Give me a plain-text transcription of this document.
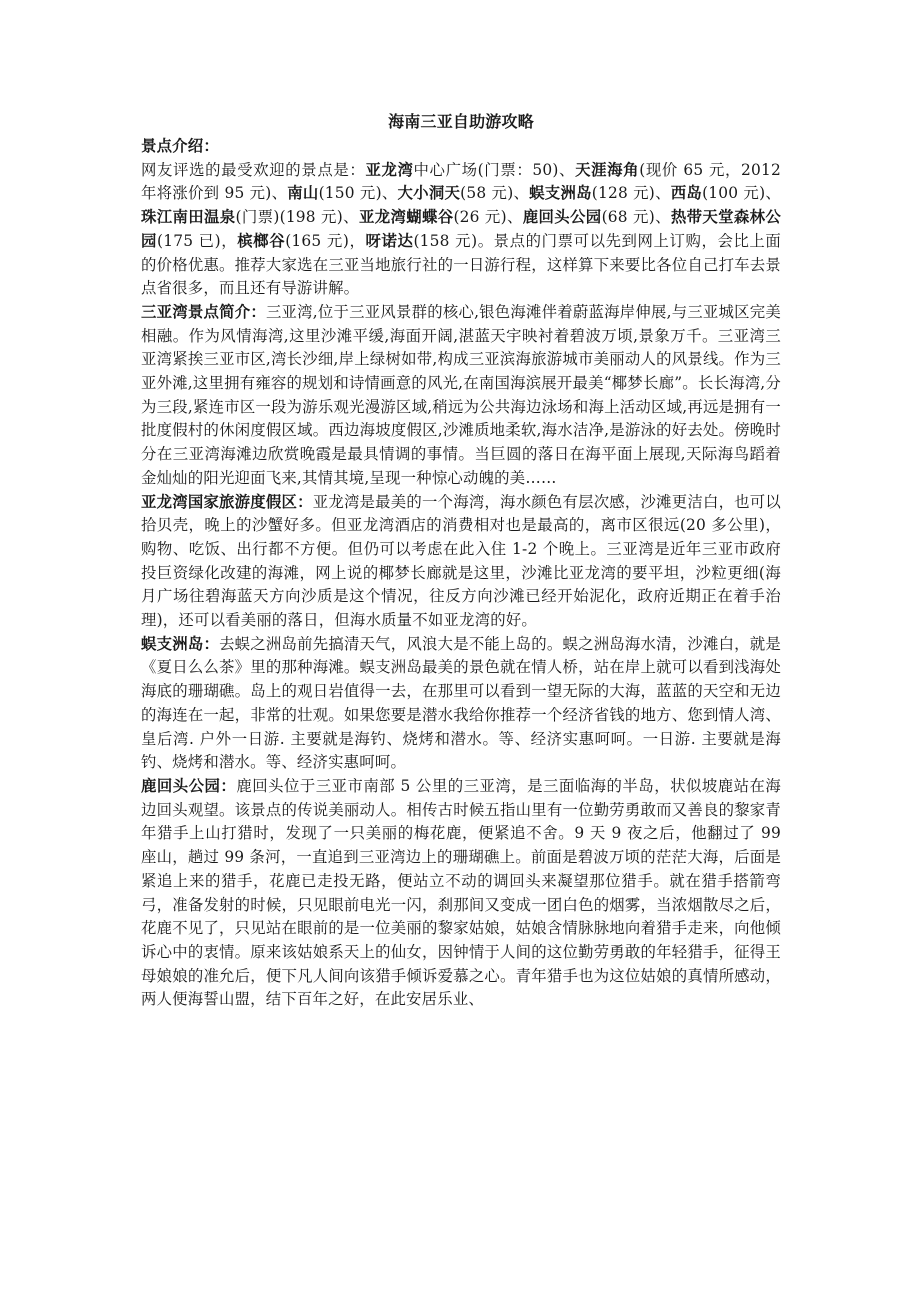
海南三亚自助游攻略

景点介绍：
网友评选的最受欢迎的景点是：亚龙湾中心广场(门票：50)、天涯海角(现价 65 元，2012 年将涨价到 95 元)、南山(150 元)、大小洞天(58 元)、蜈支洲岛(128 元)、西岛(100 元)、珠江南田温泉(门票)(198 元)、亚龙湾蝴蝶谷(26 元)、鹿回头公园(68 元)、热带天堂森林公园(175 已)，槟榔谷(165 元)，呀诺达(158 元)。景点的门票可以先到网上订购，会比上面的价格优惠。推荐大家选在三亚当地旅行社的一日游行程，这样算下来要比各位自己打车去景点省很多，而且还有导游讲解。

三亚湾景点简介：三亚湾,位于三亚风景群的核心,银色海滩伴着蔚蓝海岸伸展,与三亚城区完美相融。作为风情海湾,这里沙滩平缓,海面开阔,湛蓝天宇映衬着碧波万顷,景象万千。三亚湾三亚湾紧挨三亚市区,湾长沙细,岸上绿树如带,构成三亚滨海旅游城市美丽动人的风景线。作为三亚外滩,这里拥有雍容的规划和诗情画意的风光,在南国海滨展开最美“椰梦长廊”。长长海湾,分为三段,紧连市区一段为游乐观光漫游区域,稍远为公共海边泳场和海上活动区域,再远是拥有一批度假村的休闲度假区域。西边海坡度假区,沙滩质地柔软,海水洁净,是游泳的好去处。傍晚时分在三亚湾海滩边欣赏晚霞是最具情调的事情。当巨圆的落日在海平面上展现,天际海鸟蹈着金灿灿的阳光迎面飞来,其情其境,呈现一种惊心动魄的美……

亚龙湾国家旅游度假区：亚龙湾是最美的一个海湾，海水颜色有层次感，沙滩更洁白，也可以拾贝壳，晚上的沙蟹好多。但亚龙湾酒店的消费相对也是最高的，离市区很远(20 多公里)，购物、吃饭、出行都不方便。但仍可以考虑在此入住 1-2 个晚上。三亚湾是近年三亚市政府投巨资绿化改建的海滩，网上说的椰梦长廊就是这里，沙滩比亚龙湾的要平坦，沙粒更细(海月广场往碧海蓝天方向沙质是这个情况，往反方向沙滩已经开始泥化，政府近期正在着手治理)，还可以看美丽的落日，但海水质量不如亚龙湾的好。

蜈支洲岛：去蜈之洲岛前先搞清天气，风浪大是不能上岛的。蜈之洲岛海水清，沙滩白，就是《夏日么么茶》里的那种海滩。蜈支洲岛最美的景色就在情人桥，站在岸上就可以看到浅海处海底的珊瑚礁。岛上的观日岩值得一去，在那里可以看到一望无际的大海，蓝蓝的天空和无边的海连在一起，非常的壮观。如果您要是潜水我给你推荐一个经济省钱的地方、您到情人湾、皇后湾. 户外一日游. 主要就是海钓、烧烤和潜水。等、经济实惠呵呵。一日游. 主要就是海钓、烧烤和潜水。等、经济实惠呵呵。

鹿回头公园：鹿回头位于三亚市南部 5 公里的三亚湾，是三面临海的半岛，状似坡鹿站在海边回头观望。该景点的传说美丽动人。相传古时候五指山里有一位勤劳勇敢而又善良的黎家青年猎手上山打猎时，发现了一只美丽的梅花鹿，便紧追不舍。9 天 9 夜之后，他翻过了 99 座山，趟过 99 条河，一直追到三亚湾边上的珊瑚礁上。前面是碧波万顷的茫茫大海，后面是紧追上来的猎手，花鹿已走投无路，便站立不动的调回头来凝望那位猎手。就在猎手搭箭弯弓，准备发射的时候，只见眼前电光一闪，刹那间又变成一团白色的烟雾，当浓烟散尽之后，花鹿不见了，只见站在眼前的是一位美丽的黎家姑娘，姑娘含情脉脉地向着猎手走来，向他倾诉心中的衷情。原来该姑娘系天上的仙女，因钟情于人间的这位勤劳勇敢的年轻猎手，征得王母娘娘的准允后，便下凡人间向该猎手倾诉爱慕之心。青年猎手也为这位姑娘的真情所感动，两人便海誓山盟，结下百年之好，在此安居乐业、
